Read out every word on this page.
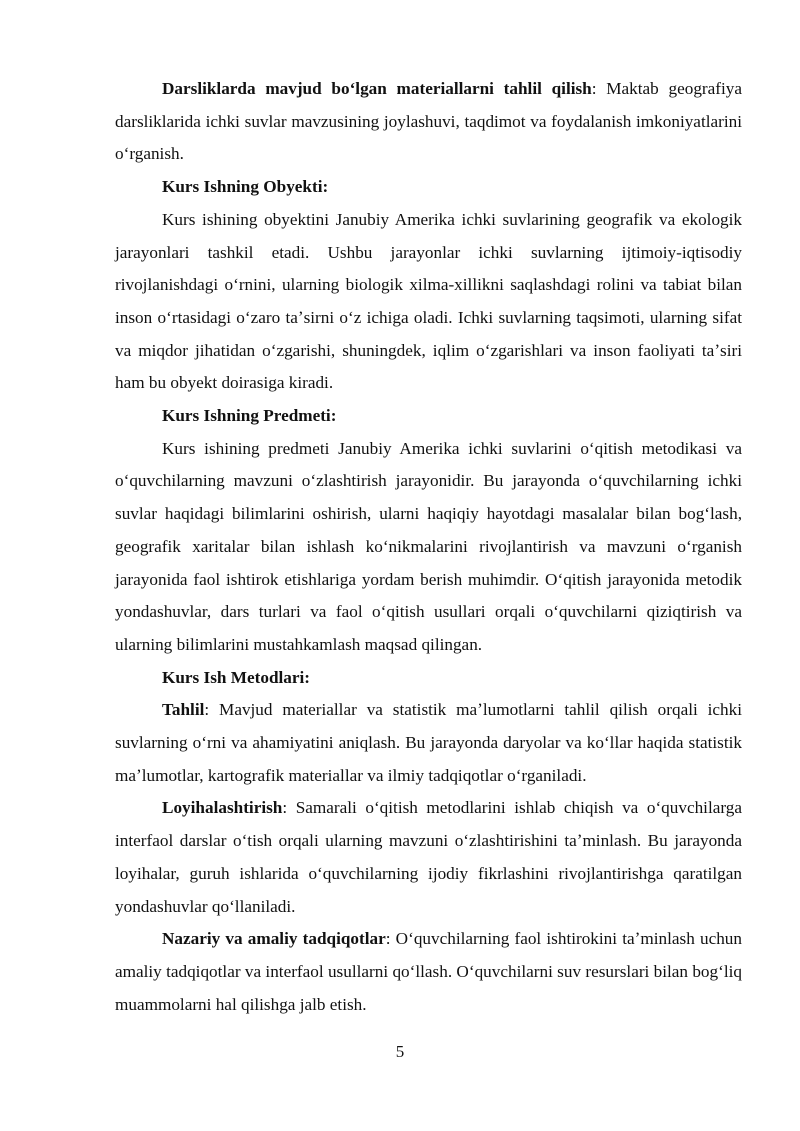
Darsliklarda mavjud boʻlgan materiallarni tahlil qilish: Maktab geografiya darsliklarida ichki suvlar mavzusining joylashuvi, taqdimot va foydalanish imkoniyatlarini oʻrganish.

Kurs Ishning Obyekti:

Kurs ishining obyektini Janubiy Amerika ichki suvlarining geografik va ekologik jarayonlari tashkil etadi. Ushbu jarayonlar ichki suvlarning ijtimoiy-iqtisodiy rivojlanishdagi oʻrnini, ularning biologik xilma-xillikni saqlashdagi rolini va tabiat bilan inson oʻrtasidagi oʻzaro taʼsirni oʻz ichiga oladi. Ichki suvlarning taqsimoti, ularning sifat va miqdor jihatidan oʻzgarishi, shuningdek, iqlim oʻzgarishlari va inson faoliyati taʼsiri ham bu obyekt doirasiga kiradi.

Kurs Ishning Predmeti:

Kurs ishining predmeti Janubiy Amerika ichki suvlarini oʻqitish metodikasi va oʻquvchilarning mavzuni oʻzlashtirish jarayonidir. Bu jarayonda oʻquvchilarning ichki suvlar haqidagi bilimlarini oshirish, ularni haqiqiy hayotdagi masalalar bilan bogʻlash, geografik xaritalar bilan ishlash koʻnikmalarini rivojlantirish va mavzuni oʻrganish jarayonida faol ishtirok etishlariga yordam berish muhimdir. Oʻqitish jarayonida metodik yondashuvlar, dars turlari va faol oʻqitish usullari orqali oʻquvchilarni qiziqtirish va ularning bilimlarini mustahkamlash maqsad qilingan.

Kurs Ish Metodlari:

Tahlil: Mavjud materiallar va statistik maʼlumotlarni tahlil qilish orqali ichki suvlarning oʻrni va ahamiyatini aniqlash. Bu jarayonda daryolar va koʻllar haqida statistik maʼlumotlar, kartografik materiallar va ilmiy tadqiqotlar oʻrganiladi.

Loyihalashtirish: Samarali oʻqitish metodlarini ishlab chiqish va oʻquvchilarga interfaol darslar oʻtish orqali ularning mavzuni oʻzlashtirishini taʼminlash. Bu jarayonda loyihalar, guruh ishlarida oʻquvchilarning ijodiy fikrlashini rivojlantirishga qaratilgan yondashuvlar qoʻllaniladi.

Nazariy va amaliy tadqiqotlar: Oʻquvchilarning faol ishtirokini taʼminlash uchun amaliy tadqiqotlar va interfaol usullarni qoʻllash. Oʻquvchilarni suv resurslari bilan bogʻliq muammolarni hal qilishga jalb etish.

5
